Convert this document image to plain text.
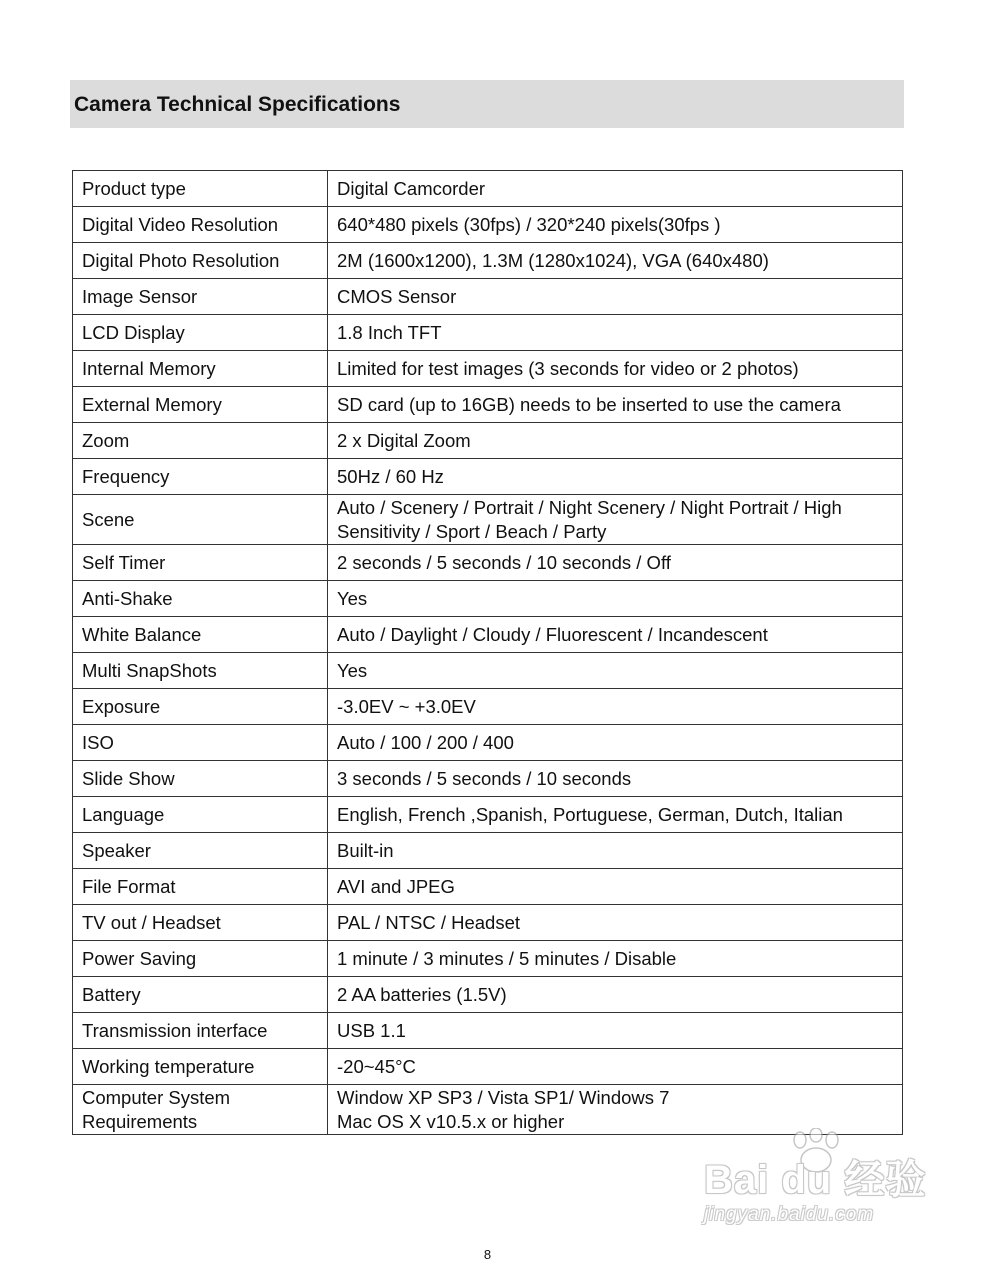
Camera Technical Specifications
Product type	Digital Camcorder
Digital Video Resolution	640*480 pixels (30fps) / 320*240 pixels(30fps )
Digital Photo Resolution	2M (1600x1200), 1.3M (1280x1024), VGA (640x480)
Image Sensor	CMOS Sensor
LCD Display	1.8 Inch TFT
Internal Memory	Limited for test images (3 seconds for video or 2 photos)
External Memory	SD card (up to 16GB) needs to be inserted to use the camera
Zoom	2 x Digital Zoom
Frequency	50Hz / 60 Hz
Scene	Auto / Scenery / Portrait / Night Scenery / Night Portrait / High
Sensitivity / Sport / Beach / Party
Self Timer	2 seconds / 5 seconds / 10 seconds / Off
Anti-Shake	Yes
White Balance	Auto / Daylight / Cloudy / Fluorescent / Incandescent
Multi SnapShots	Yes
Exposure	-3.0EV ~ +3.0EV
ISO	Auto / 100 / 200 / 400
Slide Show	3 seconds / 5 seconds / 10 seconds
Language	English, French ,Spanish, Portuguese, German, Dutch, Italian
Speaker	Built-in
File Format	AVI and JPEG
TV out / Headset	PAL / NTSC / Headset
Power Saving	1 minute / 3 minutes / 5 minutes / Disable
Battery	2 AA batteries (1.5V)
Transmission interface	USB 1.1
Working temperature	-20~45°C
Computer System
Requirements	Window XP SP3 / Vista SP1/ Windows 7
Mac OS X v10.5.x or higher
Bai du 经验
jingyan.baidu.com
8
